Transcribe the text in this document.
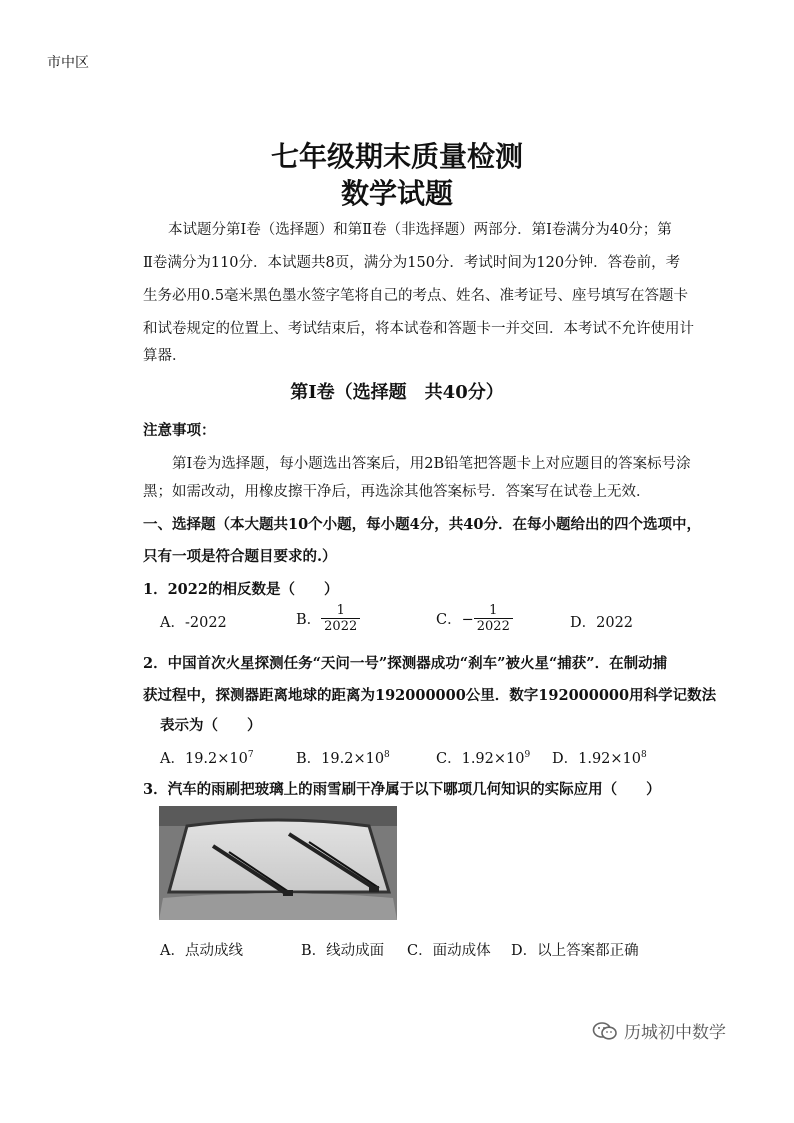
市中区
七年级期末质量检测
数学试题
本试题分第Ⅰ卷（选择题）和第Ⅱ卷（非选择题）两部分．第Ⅰ卷满分为40分；第
Ⅱ卷满分为110分．本试题共8页，满分为150分．考试时间为120分钟．答卷前，考
生务必用0.5毫米黑色墨水签字笔将自己的考点、姓名、准考证号、座号填写在答题卡
和试卷规定的位置上、考试结束后，将本试卷和答题卡一并交回．本考试不允许使用计
算器．
第Ⅰ卷（选择题　共40分）
注意事项：
第Ⅰ卷为选择题，每小题选出答案后，用2B铅笔把答题卡上对应题目的答案标号涂
黑；如需改动，用橡皮擦干净后，再选涂其他答案标号．答案写在试卷上无效．
一、选择题（本大题共10个小题，每小题4分，共40分．在每小题给出的四个选项中，
只有一项是符合题目要求的.）
1．2022的相反数是（　　）
A．-2022	B． $\frac{1}{2022}$	C．− $\frac{1}{2022}$	D．2022
2．中国首次火星探测任务“天问一号”探测器成功“刹车”被火星“捕获”．在制动捕
获过程中，探测器距离地球的距离为192000000公里．数字192000000用科学记数法
表示为（　　）
A．$19.2\times 10^7$	B．$19.2\times 10^8$	C．$1.92\times 10^9$ D．$1.92\times 10^8$
3．汽车的雨刷把玻璃上的雨雪刷干净属于以下哪项几何知识的实际应用（　　）
A．点动成线	B．线动成面 C．面动成体 D．以上答案都正确
历城初中数学
